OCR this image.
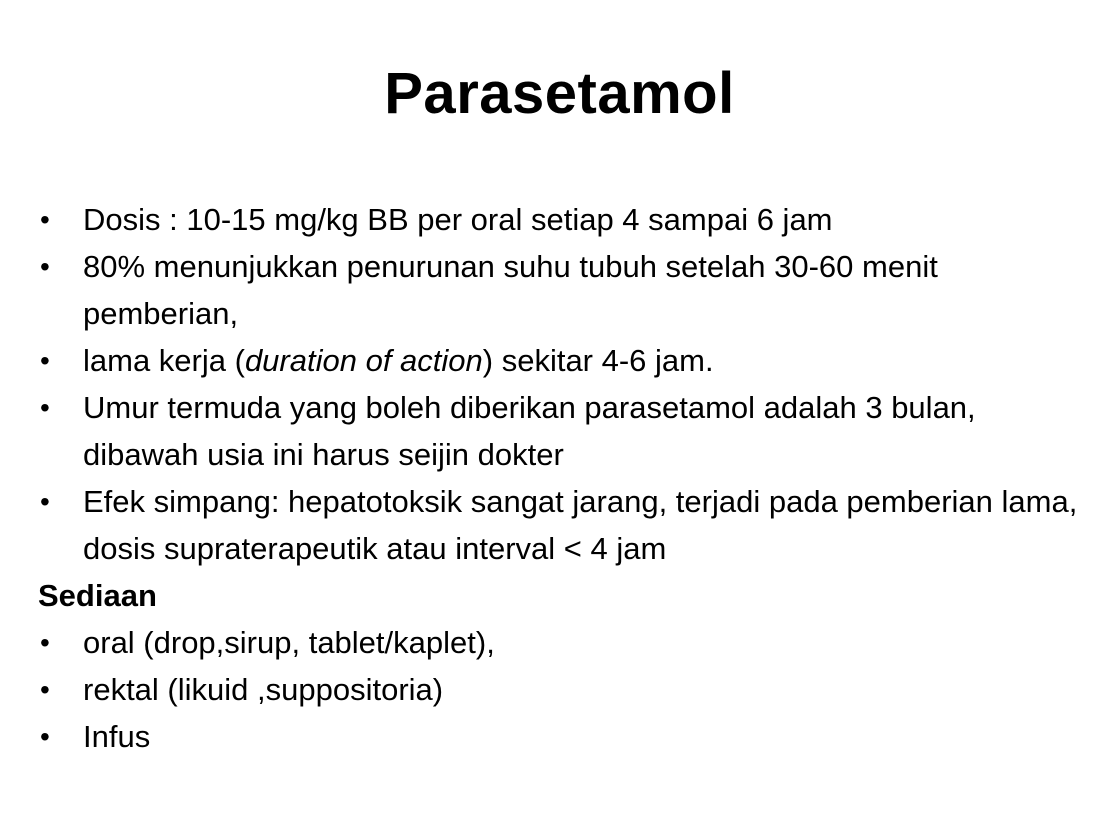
Parasetamol
• Dosis : 10-15 mg/kg BB per oral setiap 4 sampai 6 jam
• 80% menunjukkan penurunan suhu tubuh setelah 30-60 menit pemberian,
• lama kerja (duration of action) sekitar 4-6 jam.
• Umur termuda yang boleh diberikan parasetamol adalah 3 bulan, dibawah usia ini harus seijin dokter
• Efek simpang: hepatotoksik sangat jarang, terjadi pada pemberian lama, dosis supraterapeutik atau interval < 4 jam
Sediaan
• oral (drop,sirup, tablet/kaplet),
• rektal (likuid ,suppositoria)
• Infus
